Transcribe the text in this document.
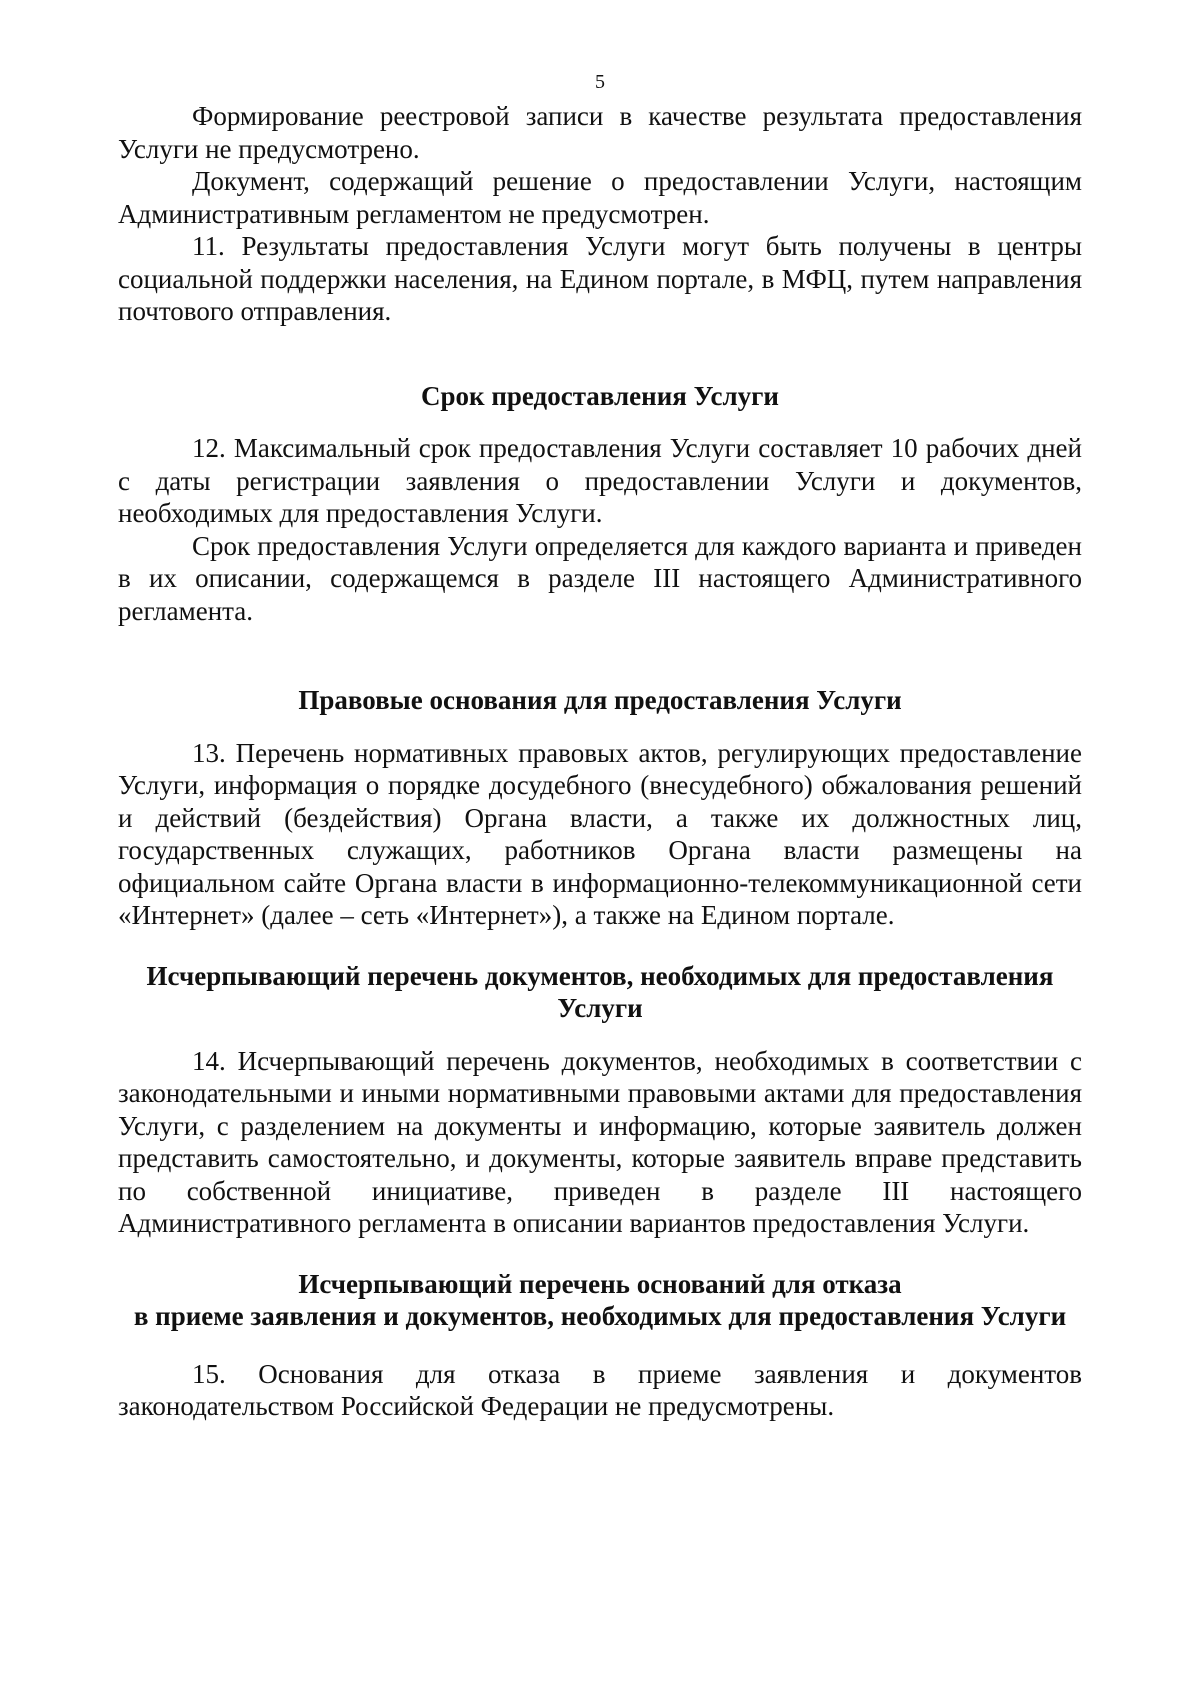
5

Формирование реестровой записи в качестве результата предоставления Услуги не предусмотрено.

Документ, содержащий решение о предоставлении Услуги, настоящим Административным регламентом не предусмотрен.

11. Результаты предоставления Услуги могут быть получены в центры социальной поддержки населения, на Едином портале, в МФЦ, путем направления почтового отправления.

Срок предоставления Услуги

12. Максимальный срок предоставления Услуги составляет 10 рабочих дней с даты регистрации заявления о предоставлении Услуги и документов, необходимых для предоставления Услуги.

Срок предоставления Услуги определяется для каждого варианта и приведен в их описании, содержащемся в разделе III настоящего Административного регламента.

Правовые основания для предоставления Услуги

13. Перечень нормативных правовых актов, регулирующих предоставление Услуги, информация о порядке досудебного (внесудебного) обжалования решений и действий (бездействия) Органа власти, а также их должностных лиц, государственных служащих, работников Органа власти размещены на официальном сайте Органа власти в информационно-телекоммуникационной сети «Интернет» (далее – сеть «Интернет»), а также на Едином портале.

Исчерпывающий перечень документов, необходимых для предоставления
Услуги

14. Исчерпывающий перечень документов, необходимых в соответствии с законодательными и иными нормативными правовыми актами для предоставления Услуги, с разделением на документы и информацию, которые заявитель должен представить самостоятельно, и документы, которые заявитель вправе представить по собственной инициативе, приведен в разделе III настоящего Административного регламента в описании вариантов предоставления Услуги.

Исчерпывающий перечень оснований для отказа
в приеме заявления и документов, необходимых для предоставления Услуги

15. Основания для отказа в приеме заявления и документов законодательством Российской Федерации не предусмотрены.
